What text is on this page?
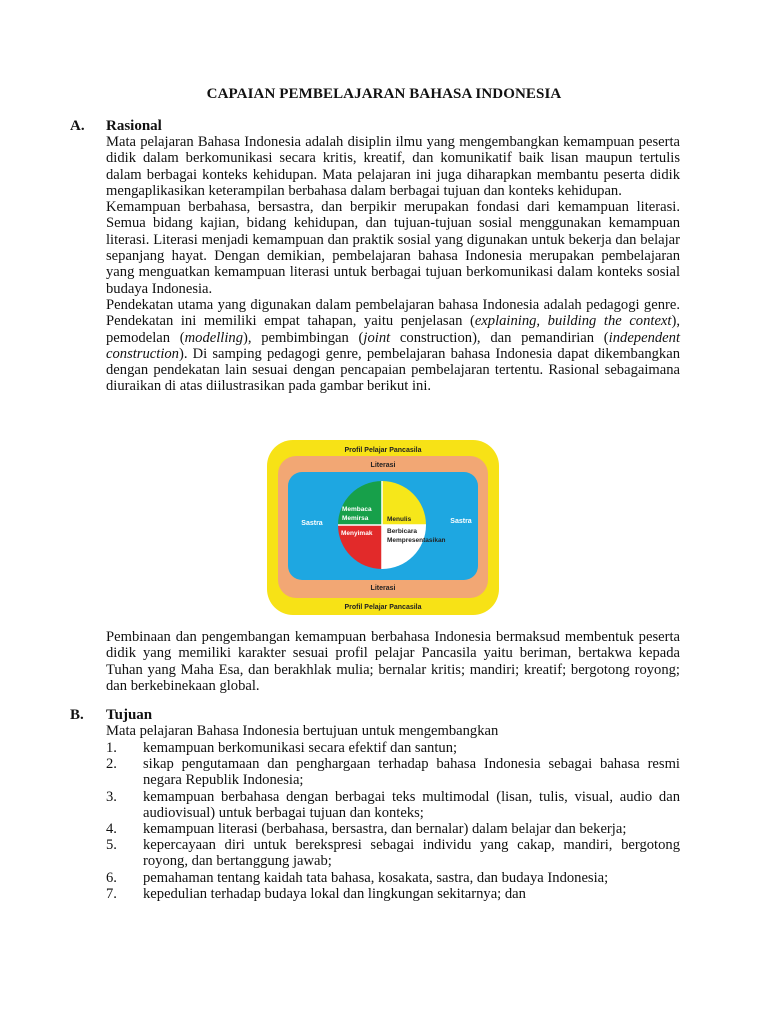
CAPAIAN PEMBELAJARAN BAHASA INDONESIA
A. Rasional

Mata pelajaran Bahasa Indonesia adalah disiplin ilmu yang mengembangkan kemampuan peserta didik dalam berkomunikasi secara kritis, kreatif, dan komunikatif baik lisan maupun tertulis dalam berbagai konteks kehidupan. Mata pelajaran ini juga diharapkan membantu peserta didik mengaplikasikan keterampilan berbahasa dalam berbagai tujuan dan konteks kehidupan.

Kemampuan berbahasa, bersastra, dan berpikir merupakan fondasi dari kemampuan literasi. Semua bidang kajian, bidang kehidupan, dan tujuan-tujuan sosial menggunakan kemampuan literasi. Literasi menjadi kemampuan dan praktik sosial yang digunakan untuk bekerja dan belajar sepanjang hayat. Dengan demikian, pembelajaran bahasa Indonesia merupakan pembelajaran yang menguatkan kemampuan literasi untuk berbagai tujuan berkomunikasi dalam konteks sosial budaya Indonesia.

Pendekatan utama yang digunakan dalam pembelajaran bahasa Indonesia adalah pedagogi genre. Pendekatan ini memiliki empat tahapan, yaitu penjelasan (explaining, building the context), pemodelan (modelling), pembimbingan (joint construction), dan pemandirian (independent construction). Di samping pedagogi genre, pembelajaran bahasa Indonesia dapat dikembangkan dengan pendekatan lain sesuai dengan pencapaian pembelajaran tertentu. Rasional sebagaimana diuraikan di atas diilustrasikan pada gambar berikut ini.

Profil Pelajar Pancasila
Profil Pelajar Pancasila
Literasi
Literasi
Sastra	Sastra
Membaca
Memirsa	Menulis
Menyimak Berbicara
Mempresentasikan

Pembinaan dan pengembangan kemampuan berbahasa Indonesia bermaksud membentuk peserta didik yang memiliki karakter sesuai profil pelajar Pancasila yaitu beriman, bertakwa kepada Tuhan yang Maha Esa, dan berakhlak mulia; bernalar kritis; mandiri; kreatif; bergotong royong; dan berkebinekaan global.

B. Tujuan

Mata pelajaran Bahasa Indonesia bertujuan untuk mengembangkan

1. kemampuan berkomunikasi secara efektif dan santun;
2. sikap pengutamaan dan penghargaan terhadap bahasa Indonesia sebagai bahasa resmi negara Republik Indonesia;
3. kemampuan berbahasa dengan berbagai teks multimodal (lisan, tulis, visual, audio dan audiovisual) untuk berbagai tujuan dan konteks;
4. kemampuan literasi (berbahasa, bersastra, dan bernalar) dalam belajar dan bekerja;
5. kepercayaan diri untuk berekspresi sebagai individu yang cakap, mandiri, bergotong royong, dan bertanggung jawab;
6. pemahaman tentang kaidah tata bahasa, kosakata, sastra, dan budaya Indonesia;
7. kepedulian terhadap budaya lokal dan lingkungan sekitarnya; dan
